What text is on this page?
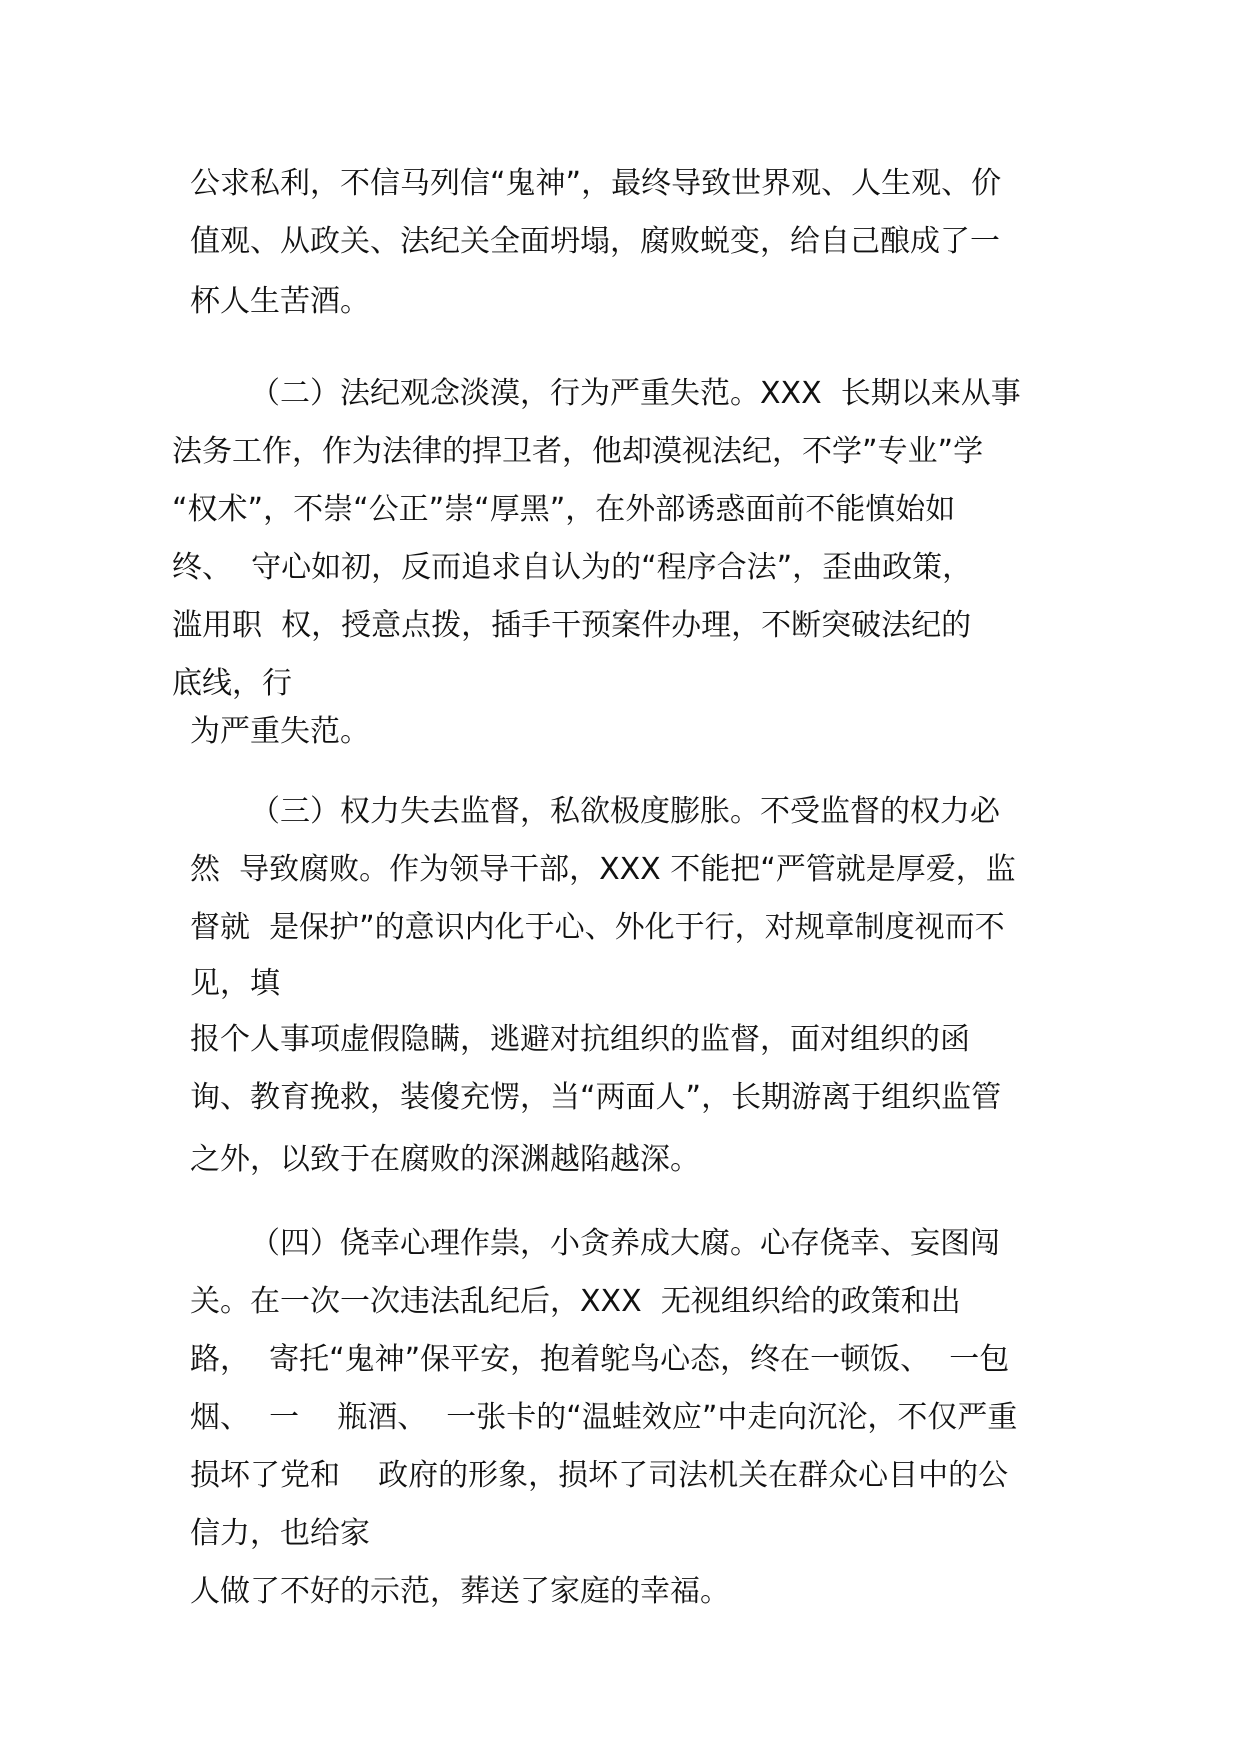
公求私利，不信马列信“鬼神”，最终导致世界观、人生观、价
值观、从政关、法纪关全面坍塌，腐败蜕变，给自己酿成了一
杯人生苦酒。
（二）法纪观念淡漠，行为严重失范。XXX  长期以来从事
法务工作，作为法律的捍卫者，他却漠视法纪，不学”专业”学
“权术”，不崇“公正”崇“厚黑”，在外部诱惑面前不能慎始如
终、  守心如初，反而追求自认为的“程序合法”，歪曲政策，
滥用职  权，授意点拨，插手干预案件办理，不断突破法纪的
底线，行
为严重失范。
（三）权力失去监督，私欲极度膨胀。不受监督的权力必
然  导致腐败。作为领导干部，XXX 不能把“严管就是厚爱，监
督就  是保护”的意识内化于心、外化于行，对规章制度视而不
见，填
报个人事项虚假隐瞒，逃避对抗组织的监督，面对组织的函
询、教育挽救，装傻充愣，当“两面人”，长期游离于组织监管
之外，以致于在腐败的深渊越陷越深。
（四）侥幸心理作祟，小贪养成大腐。心存侥幸、妄图闯
关。在一次一次违法乱纪后，XXX  无视组织给的政策和出
路，  寄托“鬼神”保平安，抱着鸵鸟心态，终在一顿饭、  一包
烟、  一    瓶酒、  一张卡的“温蛙效应”中走向沉沦，不仅严重
损坏了党和    政府的形象，损坏了司法机关在群众心目中的公
信力，也给家
人做了不好的示范，葬送了家庭的幸福。
